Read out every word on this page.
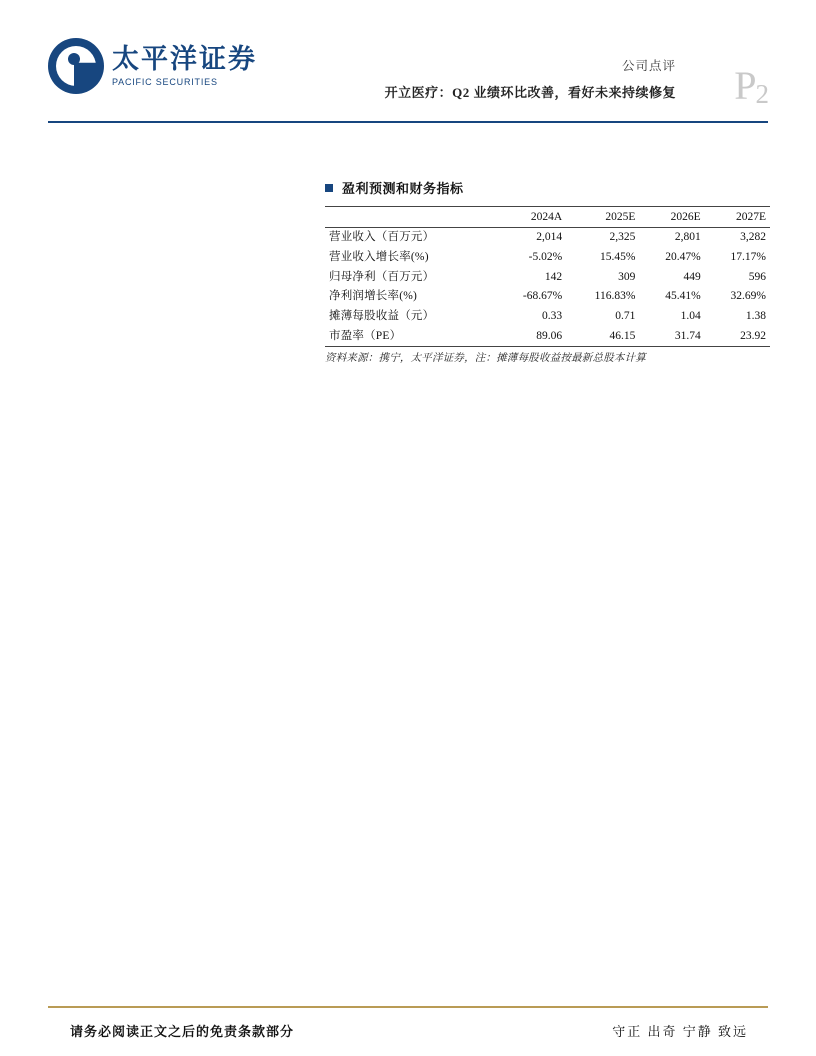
太平洋证券
PACIFIC SECURITIES
公司点评
开立医疗：Q2 业绩环比改善，看好未来持续修复 P2
盈利预测和财务指标
	2024A	2025E	2026E	2027E
营业收入（百万元）	2,014	2,325	2,801	3,282
营业收入增长率(%)	-5.02%	15.45%	20.47%	17.17%
归母净利（百万元）	142	309	449	596
净利润增长率(%)	-68.67%	116.83%	45.41%	32.69%
摊薄每股收益（元）	0.33	0.71	1.04	1.38
市盈率（PE）	89.06	46.15	31.74	23.92
资料来源：携宁，太平洋证券，注：摊薄每股收益按最新总股本计算
请务必阅读正文之后的免责条款部分	守正 出奇 宁静 致远
